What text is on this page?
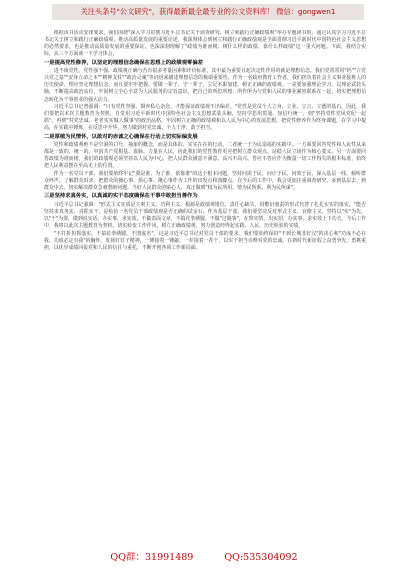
关注头条号"公文研究"，获得最新最全最专业的公文资料库！ 微信：gongwen1

根据该书活动安排要求，我们围绕"深入学习贯彻习近平总书记关于调查研究、树立和践行正确政绩观"举办专题读书班，通过认真学习习近平总书记关于树立和践行正确政绩观、推动高质量发展的重要论述，我深刻体会到树立和践行正确政绩观是全面贯彻习近平新时代中国特色社会主义思想的必然要求，也是推动高质量发展的重要保证。也深深刻理解了"政绩为谁而树、树什么样的政绩、靠什么样政绩"这一重大问题。下面，我结合实际，从三个方面谈一下学习体会。

一是提高党性修养，以坚定的理想信念确保在思想上的政绩观零偏差

进不谈党性。党性强不强，政绩观正确与否有很多考量因素和评价标准，其中最为重要且起决定性作用的就是理想信念。我们党常常用"钙""立党兴党之基""安身立命之本""精神支柱""政治灵魂"等词语来描述理想信念的极端重要性。作为一名政府教育工作者，我们担负着社会主义事业接班人的历史使命，理应坚定理想信念，而且要牢牢把握。要做一辈子、守一辈子、立足本职加建，树正正确的政绩观。一是要加强理论学习，以理论武装头脑，不断提高政治站位，牢固树立全心全意为人民服务的宗旨意识，把自己的所思所想、所作所为与党和人民的事业紧密联系在一起，切实把理想信念转化为干事创业的强大动力。

习近平总书记曾强调："只有党性坚强、摒弃私心杂念，才能保证政绩观不出偏差。"党性是党员个人立身、立业、立言、立德的基石。因此，我们要把以本次主题教育为契机，自觉用习近平新时代中国特色社会主义思想武装头脑，坚持学思用贯通、知信行统一，到"坚持党性党风党纪一起抓"，再到"对党忠诚、老老实实做人做事"的政治品格，牢固树立正确的政绩观和以人民为中心的发展思想，把党性修养作为终身课题，在学习中提高，在实践中锤炼，在反思中升华，努力做到对党忠诚、个人干净、敢于担当。

二是厚植为民情怀，以敢对的赤诚之心确保在行动上切实际偏发展

党性和政绩观绝不是空洞的口号、抽象的概念，而是具体的、实实在在的行动。二者统一于为民造福的实践中。一方面要回答党性和人民性从来都是一致的、统一的。中国共产党根基、血脉、力量在人民，因此我们的党性教育更应把树立群众观点、站稳人民立场作为核心要义。另一方面要回答政绩为谁而树，我们的政绩观必须坚持以人民为中心，把人民群众满意不满意、高兴不高兴、答应不答应作为衡量一切工作得失的根本标准，始终把人民利益摆在至高无上的位置。

作为一名党员干部，我们要始终牢记"我是谁、为了谁、依靠谁"的这个根本问题，坚持问需于民、问计于民、问效于民，深入基层一线，倾听群众呼声，了解群众诉求，把群众的操心事、烦心事、揪心事作为工作的出发点和落脚点。在今后的工作中，我会更加注重调查研究，多到基层去、到群众中去，切实解决群众急难愁盼问题，当好人民群众的贴心人，真正做到"权为民所用、情为民所系、利为民所谋"。

三是坚持求真务实，以真诚的实干态度确保在干事中敢担当善作为

习近平总书记强调："形式主义实质是主观主义、功利主义，根源是政绩观错位、责任心缺失，用敷衍塞责的形式代替了扎扎实实的落实。"能否坚持求真务实、真抓实干，是检验一名党员干部政绩观是否正确的试金石。作为基层干部，我们要坚决反对形式主义、官僚主义，坚持以"实"为先、以"干"为要，做到说实话、办实事、求实效，不做表面文章，不搞花拳绣腿，不做"过路客"，在察实情、出实招、办实事、求实效上下功夫。今后工作中，我将以此次主题教育为契机，切实转变工作作风，树立正确政绩观，努力创造经得起实践、人民、历史检验的实绩。

"不打折扣抓落实、不搞花拳绣腿、不图虚名"，这是习近平总书记对党员干部的要求。我们要始终保持"不到长城非好汉"的决心和"功成不必在我、功成必定有我"的胸怀，发扬钉钉子精神，一锤接着一锤敲，一茬接着一茬干，以实干担当诠释对党的忠诚，在新时代新征程上奋勇争先、勇挑重担，以优异成绩回报党和人民的信任与重托，不断开创各项工作新局面。

QQ群：31991489	QQ:535304092
